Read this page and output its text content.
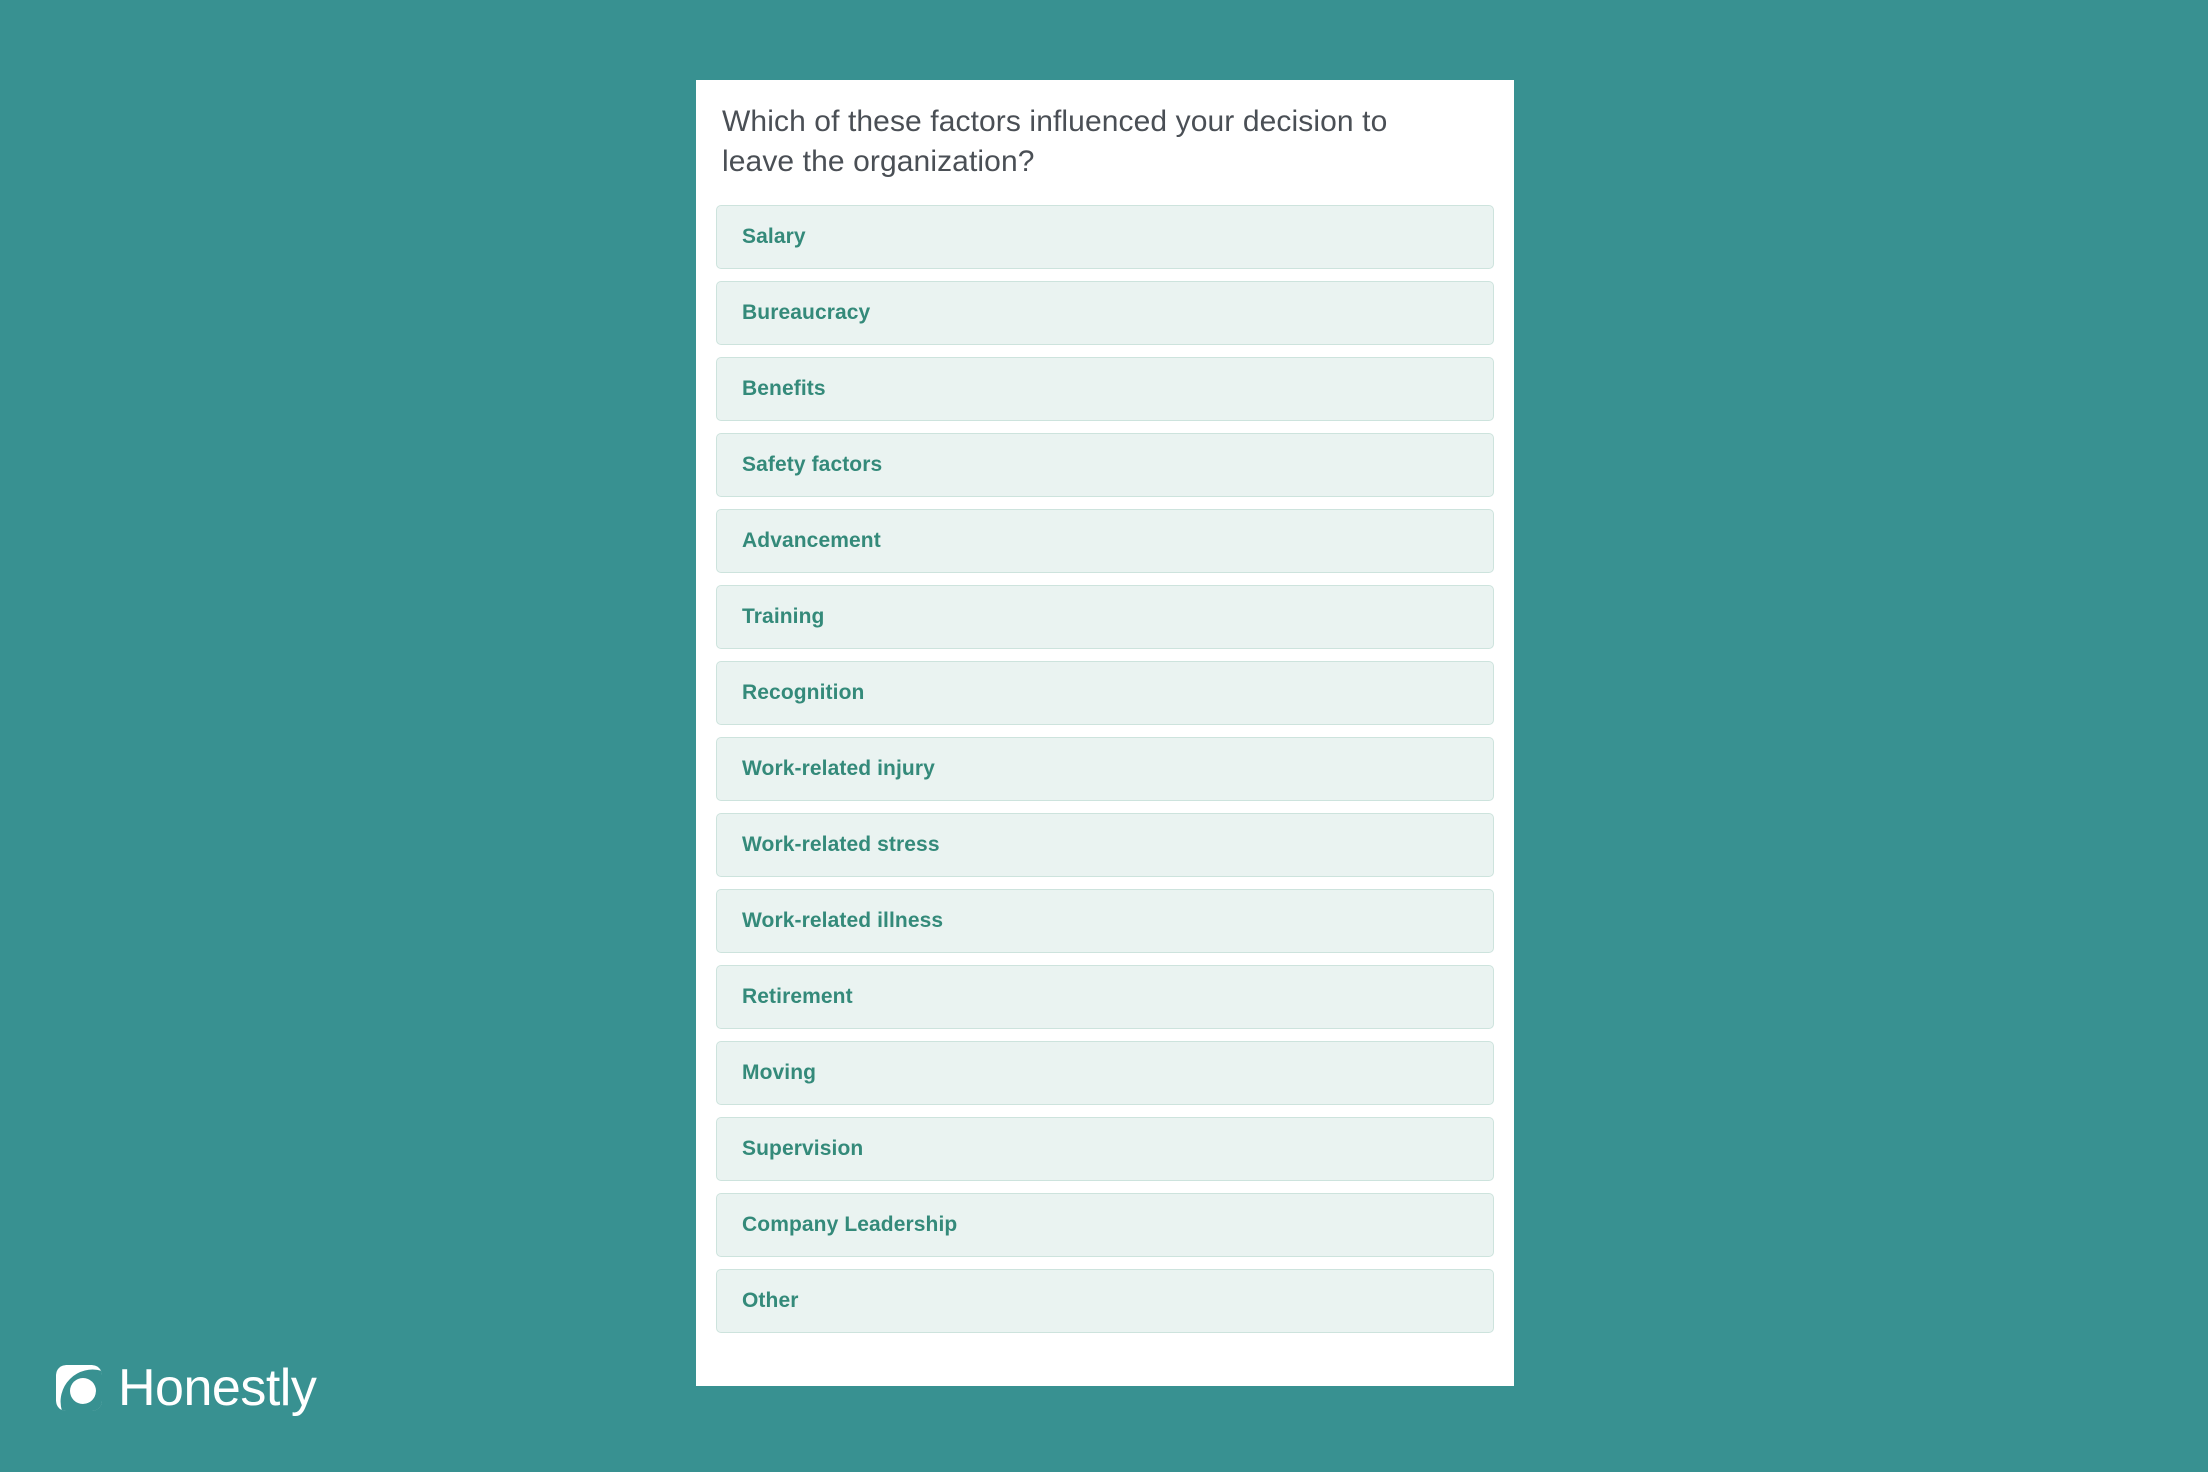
Which of these factors influenced your decision to leave the organization?
Salary
Bureaucracy
Benefits
Safety factors
Advancement
Training
Recognition
Work-related injury
Work-related stress
Work-related illness
Retirement
Moving
Supervision
Company Leadership
Other
Honestly
